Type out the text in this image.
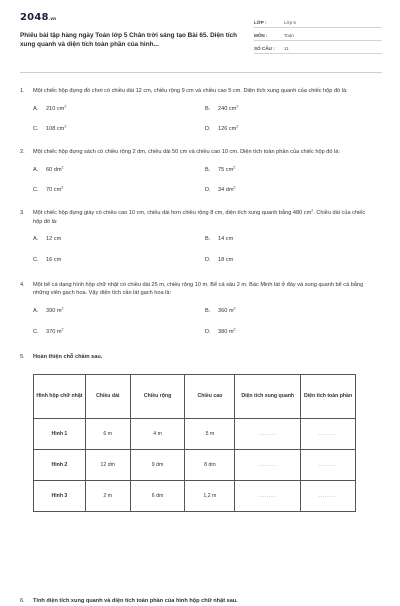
2048.vn
Phiếu bài tập hàng ngày Toán lớp 5 Chân trời sáng tạo Bài 65. Diện tích xung quanh và diện tích toàn phần của hình...
LỚP :	Lớp 5
MÔN :	Toán
SỐ CÂU :	11
1.	Một chiếc hộp đựng đồ chơi có chiều dài 12 cm, chiều rộng 9 cm và chiều cao 5 cm. Diện tích xung quanh của chiếc hộp đó là:
A.	210 $cm^2$	B.	240 $cm^2$
C.	108 $cm^2$	D.	126 $cm^2$
2.	Một chiếc hộp đựng sách có chiều rộng 2 dm, chiều dài 50 cm và chiều cao 10 cm. Diện tích toàn phần của chiếc hộp đó là:
A.	60 $dm^2$	B.	75 $cm^2$
C.	70 $cm^2$	D.	34 $dm^2$
3.	Một chiếc hộp đựng giày có chiều cao 10 cm, chiều dài hơn chiều rộng 8 cm, diện tích xung quanh bằng 480 $cm^2$. Chiều dài của chiếc hộp đó là:
A.	12 cm	B.	14 cm
C.	16 cm	D.	18 cm
4.	Một bể cá dạng hình hộp chữ nhật có chiều dài 25 m, chiều rộng 10 m. Bể cá sâu 2 m. Bác Minh lát ở đáy và xung quanh bể cá bằng những viên gạch hoa. Vậy diện tích cần lát gạch hoa là:
A.	390 $m^2$	B.	360 $m^2$
C.	370 $m^2$	D.	380 $m^2$
5.	Hoàn thiện chỗ chấm sau.
Hình hộp chữ nhật	Chiều dài	Chiều rộng	Chiều cao	Diện tích xung quanh	Diện tích toàn phần
Hình 1	6 m	4 m	5 m	.........	.........
Hình 2	12 dm	9 dm	8 dm	.........	.........
Hình 3	2 m	6 dm	1,2 m	.........	.........
6.	Tính diện tích xung quanh và diện tích toàn phần của hình hộp chữ nhật sau.
